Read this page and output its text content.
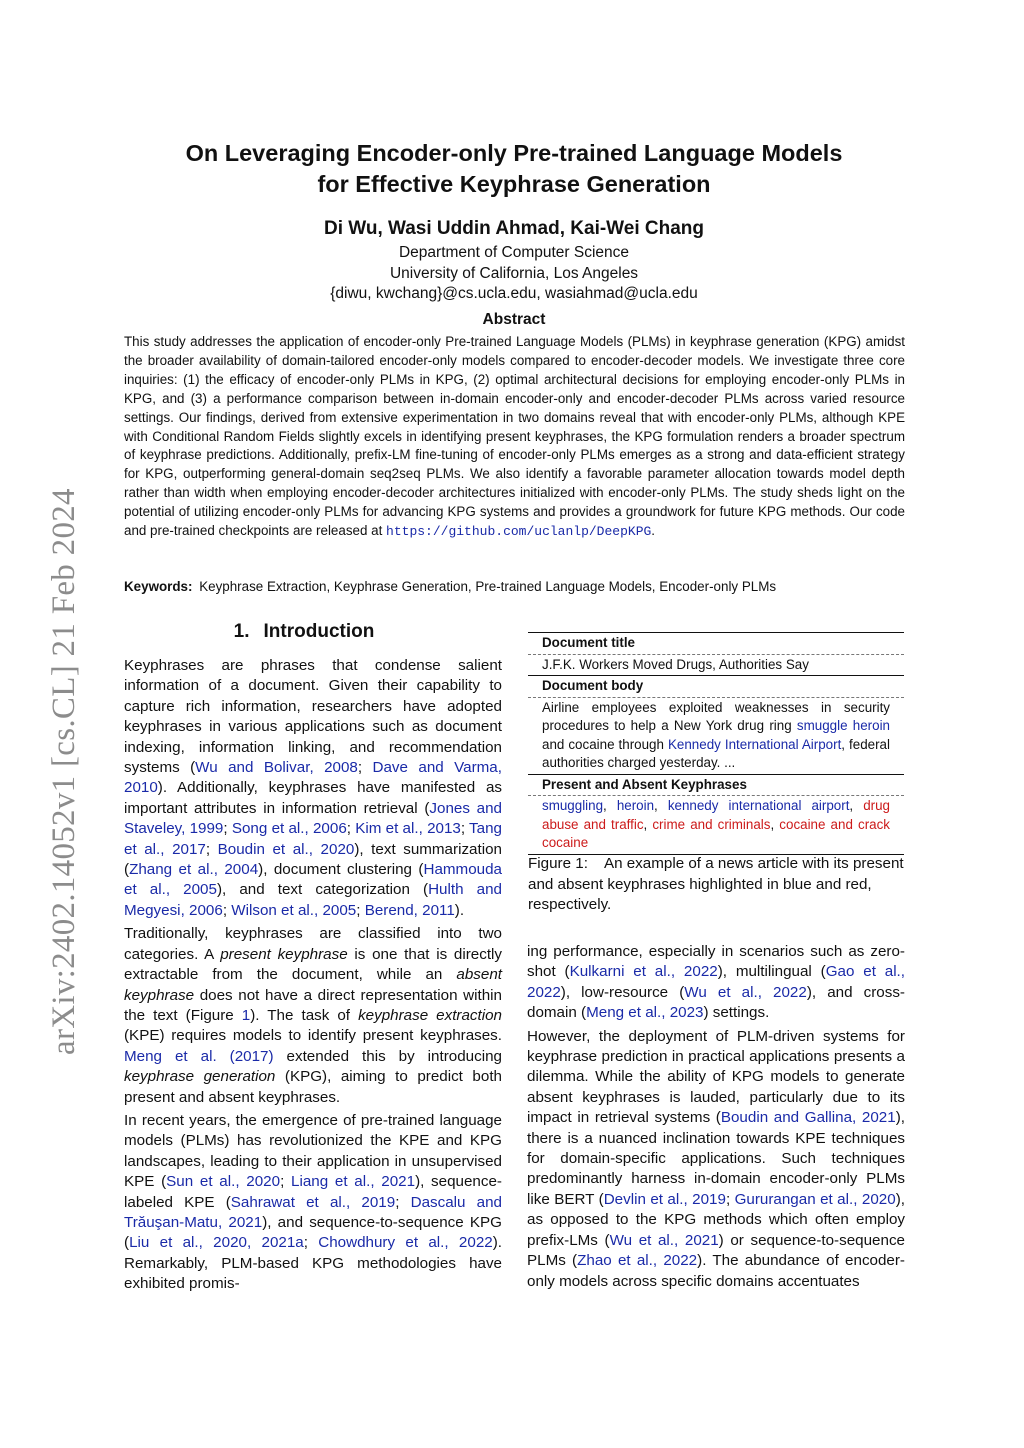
arXiv:2402.14052v1 [cs.CL] 21 Feb 2024
On Leveraging Encoder-only Pre-trained Language Models
for Effective Keyphrase Generation
Di Wu, Wasi Uddin Ahmad, Kai-Wei Chang
Department of Computer Science
University of California, Los Angeles
{diwu, kwchang}@cs.ucla.edu, wasiahmad@ucla.edu
Abstract
This study addresses the application of encoder-only Pre-trained Language Models (PLMs) in keyphrase generation (KPG) amidst the broader availability of domain-tailored encoder-only models compared to encoder-decoder models. We investigate three core inquiries: (1) the efficacy of encoder-only PLMs in KPG, (2) optimal architectural decisions for employing encoder-only PLMs in KPG, and (3) a performance comparison between in-domain encoder-only and encoder-decoder PLMs across varied resource settings. Our findings, derived from extensive experimentation in two domains reveal that with encoder-only PLMs, although KPE with Conditional Random Fields slightly excels in identifying present keyphrases, the KPG formulation renders a broader spectrum of keyphrase predictions. Additionally, prefix-LM fine-tuning of encoder-only PLMs emerges as a strong and data-efficient strategy for KPG, outperforming general-domain seq2seq PLMs. We also identify a favorable parameter allocation towards model depth rather than width when employing encoder-decoder architectures initialized with encoder-only PLMs. The study sheds light on the potential of utilizing encoder-only PLMs for advancing KPG systems and provides a groundwork for future KPG methods. Our code and pre-trained checkpoints are released at https://github.com/uclanlp/DeepKPG.
Keywords: Keyphrase Extraction, Keyphrase Generation, Pre-trained Language Models, Encoder-only PLMs
1. Introduction

Keyphrases are phrases that condense salient information of a document. Given their capability to capture rich information, researchers have adopted keyphrases in various applications such as document indexing, information linking, and recommendation systems (Wu and Bolivar, 2008; Dave and Varma, 2010). Additionally, keyphrases have manifested as important attributes in information retrieval (Jones and Staveley, 1999; Song et al., 2006; Kim et al., 2013; Tang et al., 2017; Boudin et al., 2020), text summarization (Zhang et al., 2004), document clustering (Hammouda et al., 2005), and text categorization (Hulth and Megyesi, 2006; Wilson et al., 2005; Berend, 2011).

Traditionally, keyphrases are classified into two categories. A present keyphrase is one that is directly extractable from the document, while an absent keyphrase does not have a direct representation within the text (Figure 1). The task of keyphrase extraction (KPE) requires models to identify present keyphrases. Meng et al. (2017) extended this by introducing keyphrase generation (KPG), aiming to predict both present and absent keyphrases.

In recent years, the emergence of pre-trained language models (PLMs) has revolutionized the KPE and KPG landscapes, leading to their application in unsupervised KPE (Sun et al., 2020; Liang et al., 2021), sequence-labeled KPE (Sahrawat et al., 2019; Dascalu and Trăuşan-Matu, 2021), and sequence-to-sequence KPG (Liu et al., 2020, 2021a; Chowdhury et al., 2022). Remarkably, PLM-based KPG methodologies have exhibited promis-

Document title
J.F.K. Workers Moved Drugs, Authorities Say
Document body
Airline employees exploited weaknesses in security procedures to help a New York drug ring smuggle heroin and cocaine through Kennedy International Airport, federal authorities charged yesterday. ...
Present and Absent Keyphrases
smuggling, heroin, kennedy international airport, drug abuse and traffic, crime and criminals, cocaine and crack cocaine
Figure 1: An example of a news article with its present and absent keyphrases highlighted in blue and red, respectively.

ing performance, especially in scenarios such as zero-shot (Kulkarni et al., 2022), multilingual (Gao et al., 2022), low-resource (Wu et al., 2022), and cross-domain (Meng et al., 2023) settings.

However, the deployment of PLM-driven systems for keyphrase prediction in practical applications presents a dilemma. While the ability of KPG models to generate absent keyphrases is lauded, particularly due to its impact in retrieval systems (Boudin and Gallina, 2021), there is a nuanced inclination towards KPE techniques for domain-specific applications. Such techniques predominantly harness in-domain encoder-only PLMs like BERT (Devlin et al., 2019; Gururangan et al., 2020), as opposed to the KPG methods which often employ prefix-LMs (Wu et al., 2021) or sequence-to-sequence PLMs (Zhao et al., 2022). The abundance of encoder-only models across specific domains accentuates
